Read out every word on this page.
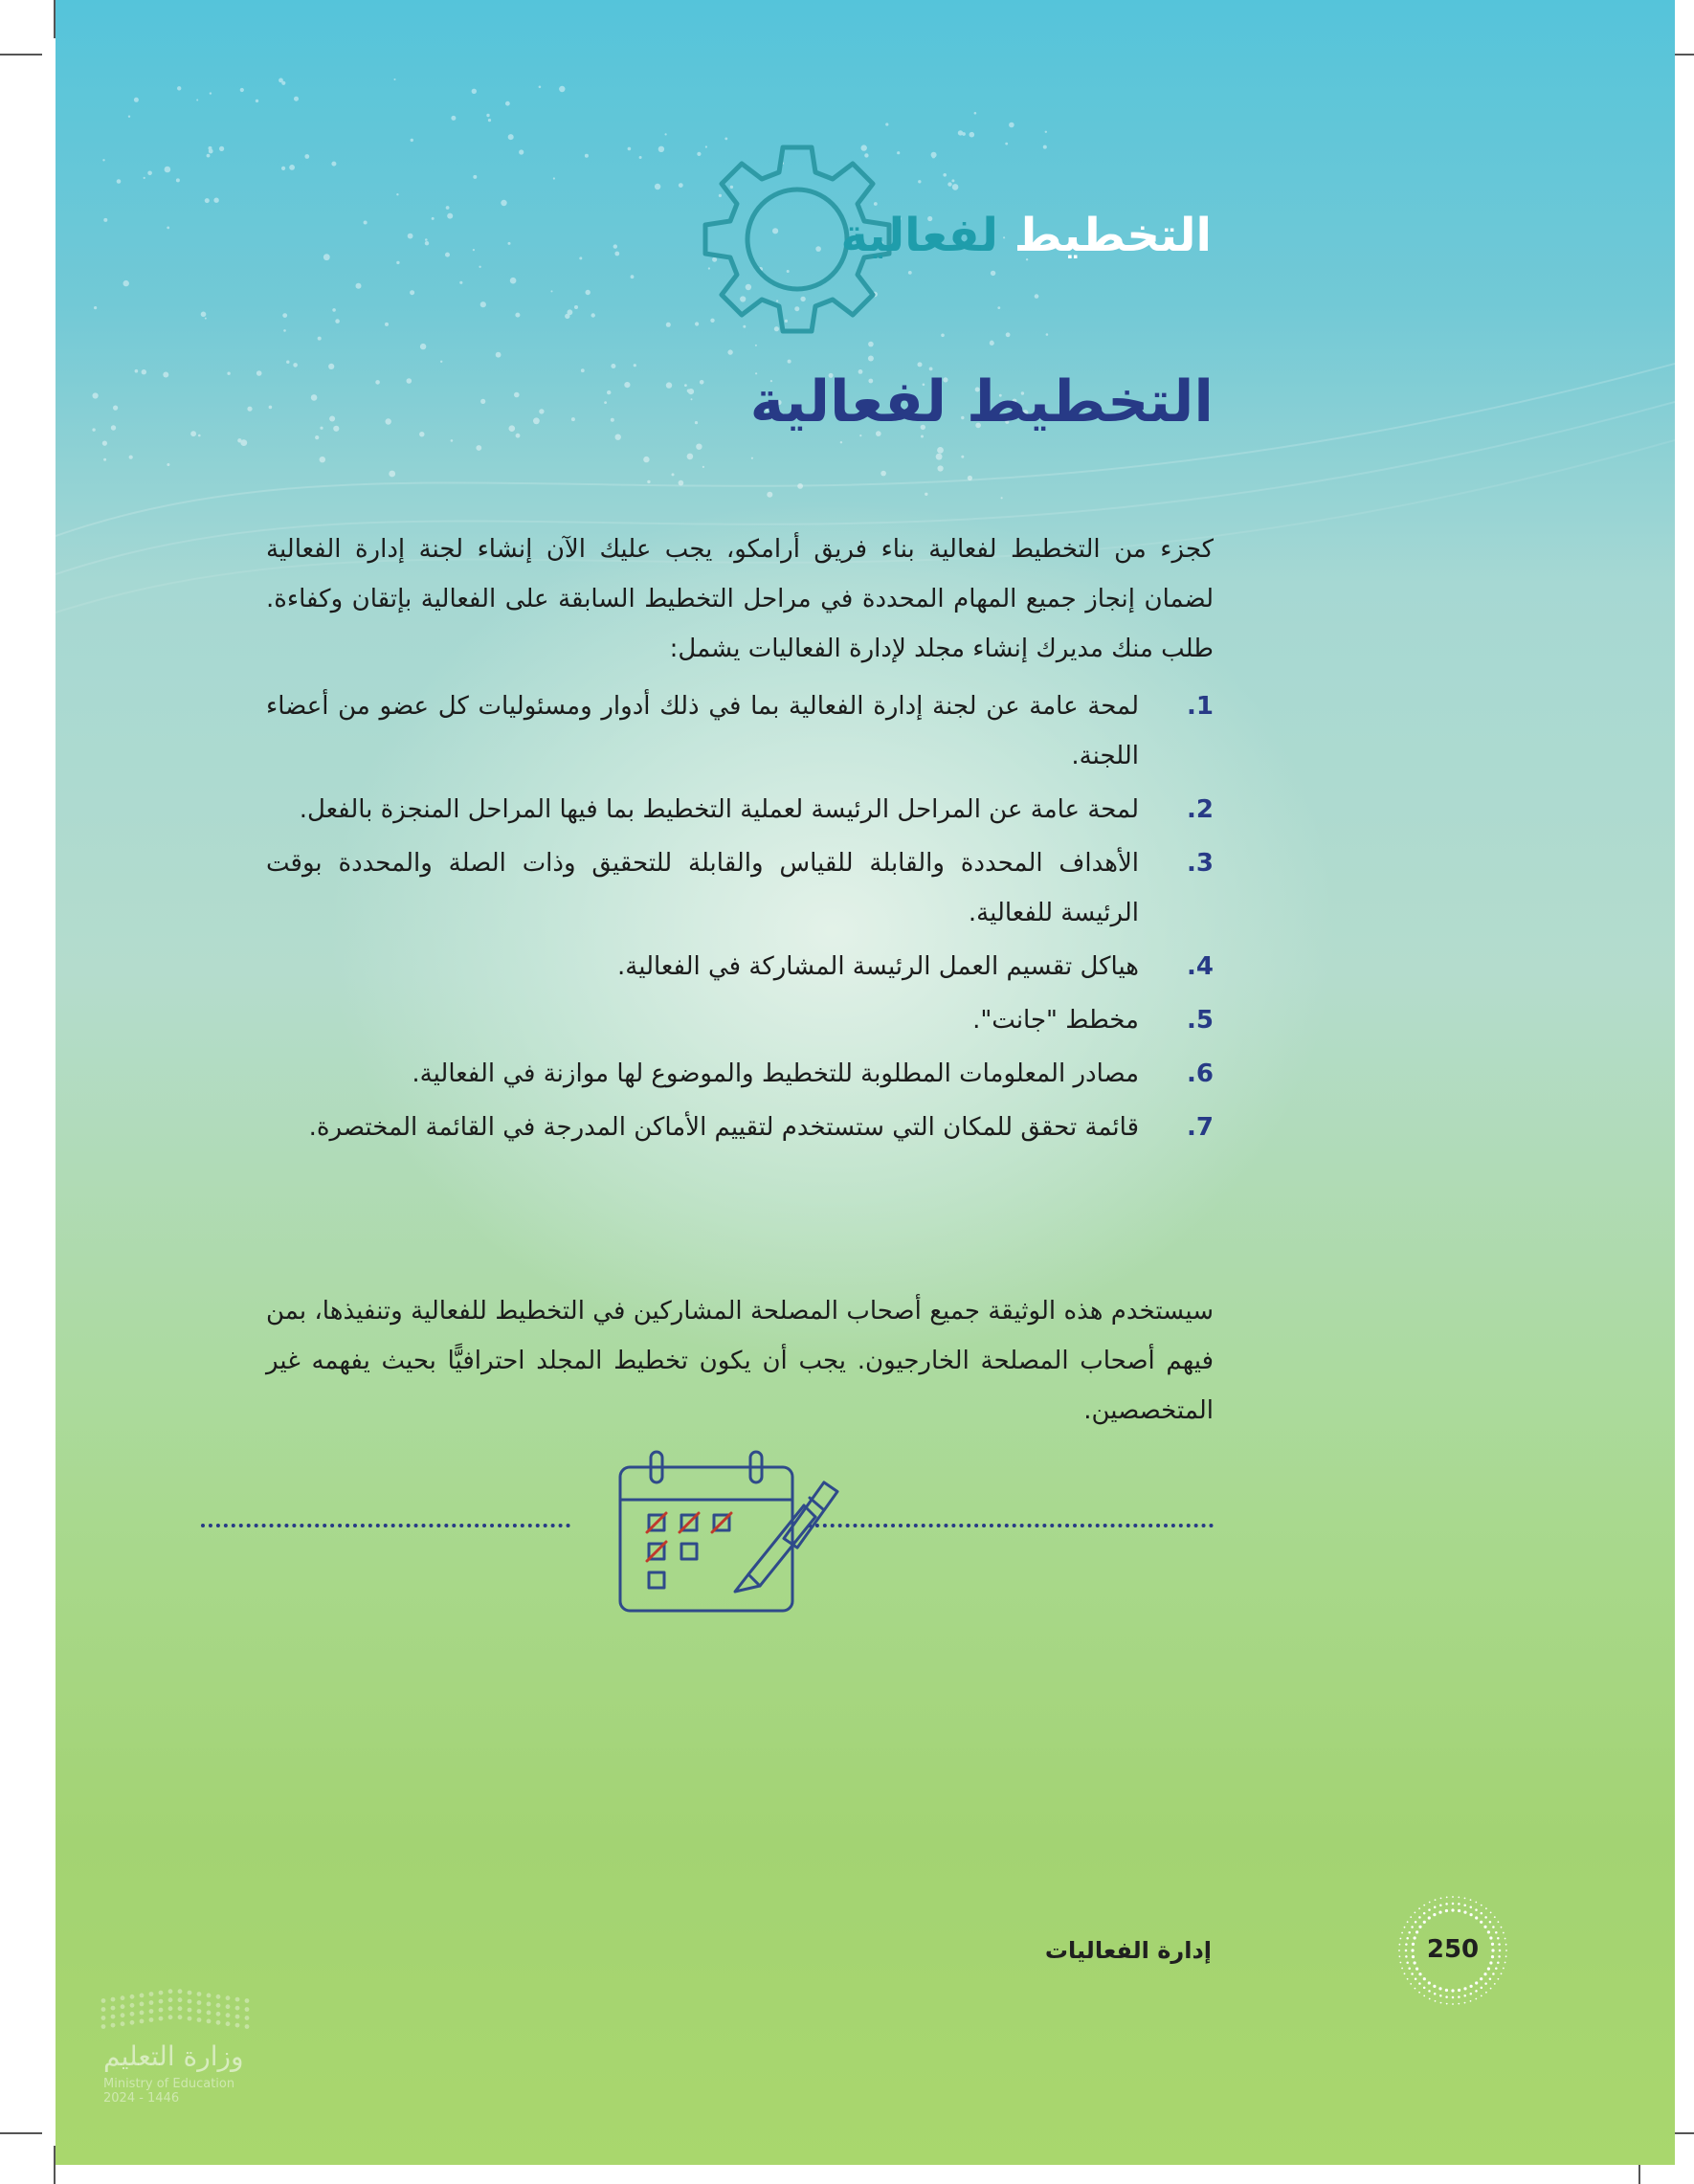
التخطيط لفعالية
التخطيط لفعالية

كجزء من التخطيط لفعالية بناء فريق أرامكو، يجب عليك الآن إنشاء لجنة إدارة الفعالية لضمان إنجاز جميع المهام المحددة في مراحل التخطيط السابقة على الفعالية بإتقان وكفاءة. طلب منك مديرك إنشاء مجلد لإدارة الفعاليات يشمل:

1.
لمحة عامة عن لجنة إدارة الفعالية بما في ذلك أدوار ومسئوليات كل عضو من أعضاء اللجنة.
2.
لمحة عامة عن المراحل الرئيسة لعملية التخطيط بما فيها المراحل المنجزة بالفعل.
3.
الأهداف المحددة والقابلة للقياس والقابلة للتحقيق وذات الصلة والمحددة بوقت الرئيسة للفعالية.
4.
هياكل تقسيم العمل الرئيسة المشاركة في الفعالية.
5.
مخطط "جانت".
6.
مصادر المعلومات المطلوبة للتخطيط والموضوع لها موازنة في الفعالية.
7.
قائمة تحقق للمكان التي ستستخدم لتقييم الأماكن المدرجة في القائمة المختصرة.

سيستخدم هذه الوثيقة جميع أصحاب المصلحة المشاركين في التخطيط للفعالية وتنفيذها، بمن فيهم أصحاب المصلحة الخارجيون. يجب أن يكون تخطيط المجلد احترافيًّا بحيث يفهمه غير المتخصصين.

إدارة الفعاليات	250
وزارة التعليم
Ministry of Education
2024 - 1446
